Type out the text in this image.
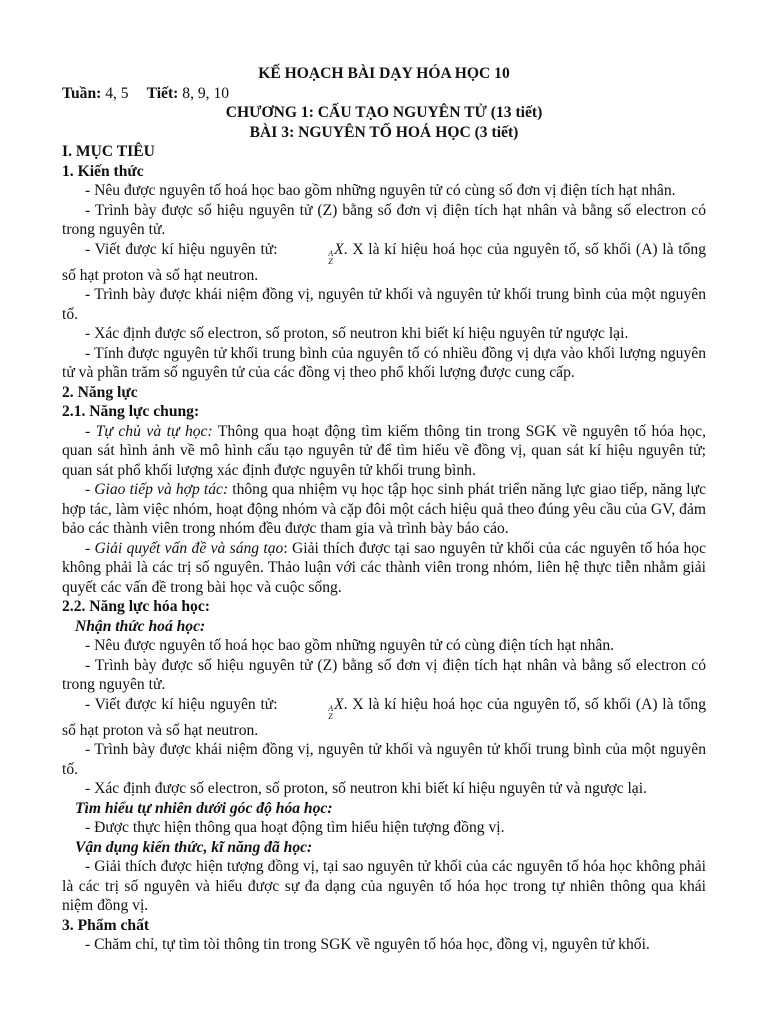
KẾ HOẠCH BÀI DẠY HÓA HỌC 10

Tuần: 4, 5 Tiết: 8, 9, 10

CHƯƠNG 1: CẤU TẠO NGUYÊN TỬ (13 tiết)

BÀI 3: NGUYÊN TỐ HOÁ HỌC (3 tiết)

I. MỤC TIÊU

1. Kiến thức

- Nêu được nguyên tố hoá học bao gồm những nguyên tử có cùng số đơn vị điện tích hạt nhân.

- Trình bày được số hiệu nguyên tử (Z) bằng số đơn vị điện tích hạt nhân và bằng số electron có trong nguyên tử.

- Viết được kí hiệu nguyên tử:	A
Z
X. X là kí hiệu hoá học của nguyên tố, số khối (A) là tổng số hạt proton và số hạt neutron.

- Trình bày được khái niệm đồng vị, nguyên tử khối và nguyên tử khối trung bình của một nguyên tố.

- Xác định được số electron, số proton, số neutron khi biết kí hiệu nguyên tử ngược lại.

- Tính được nguyên tử khối trung bình của nguyên tố có nhiều đồng vị dựa vào khối lượng nguyên tử và phần trăm số nguyên tử của các đồng vị theo phổ khối lượng được cung cấp.

2. Năng lực

2.1. Năng lực chung:

- Tự chủ và tự học: Thông qua hoạt động tìm kiếm thông tin trong SGK về nguyên tố hóa học, quan sát hình ảnh về mô hình cấu tạo nguyên tử để tìm hiểu về đồng vị, quan sát kí hiệu nguyên tử; quan sát phổ khối lượng xác định được nguyên tử khối trung bình.

- Giao tiếp và hợp tác: thông qua nhiệm vụ học tập học sinh phát triển năng lực giao tiếp, năng lực hợp tác, làm việc nhóm, hoạt động nhóm và cặp đôi một cách hiệu quả theo đúng yêu cầu của GV, đảm bảo các thành viên trong nhóm đều được tham gia và trình bày báo cáo.

- Giải quyết vấn đề và sáng tạo: Giải thích được tại sao nguyên tử khối của các nguyên tố hóa học không phải là các trị số nguyên. Thảo luận với các thành viên trong nhóm, liên hệ thực tiễn nhằm giải quyết các vấn đề trong bài học và cuộc sống.

2.2. Năng lực hóa học:

Nhận thức hoá học:

- Nêu được nguyên tố hoá học bao gồm những nguyên tử có cùng điện tích hạt nhân.

- Trình bày được số hiệu nguyên tử (Z) bằng số đơn vị điện tích hạt nhân và bằng số electron có trong nguyên tử.

- Viết được kí hiệu nguyên tử:	A
Z
X. X là kí hiệu hoá học của nguyên tố, số khối (A) là tổng số hạt proton và số hạt neutron.

- Trình bày được khái niệm đồng vị, nguyên tử khối và nguyên tử khối trung bình của một nguyên tố.

- Xác định được số electron, số proton, số neutron khi biết kí hiệu nguyên tử và ngược lại.

Tìm hiểu tự nhiên dưới góc độ hóa học:

- Được thực hiện thông qua hoạt động tìm hiểu hiện tượng đồng vị.

Vận dụng kiến thức, kĩ năng đã học:

- Giải thích được hiện tượng đồng vị, tại sao nguyên tử khối của các nguyên tố hóa học không phải là các trị số nguyên và hiểu được sự đa dạng của nguyên tố hóa học trong tự nhiên thông qua khái niệm đồng vị.

3. Phẩm chất

- Chăm chỉ, tự tìm tòi thông tin trong SGK về nguyên tố hóa học, đồng vị, nguyên tử khối.
